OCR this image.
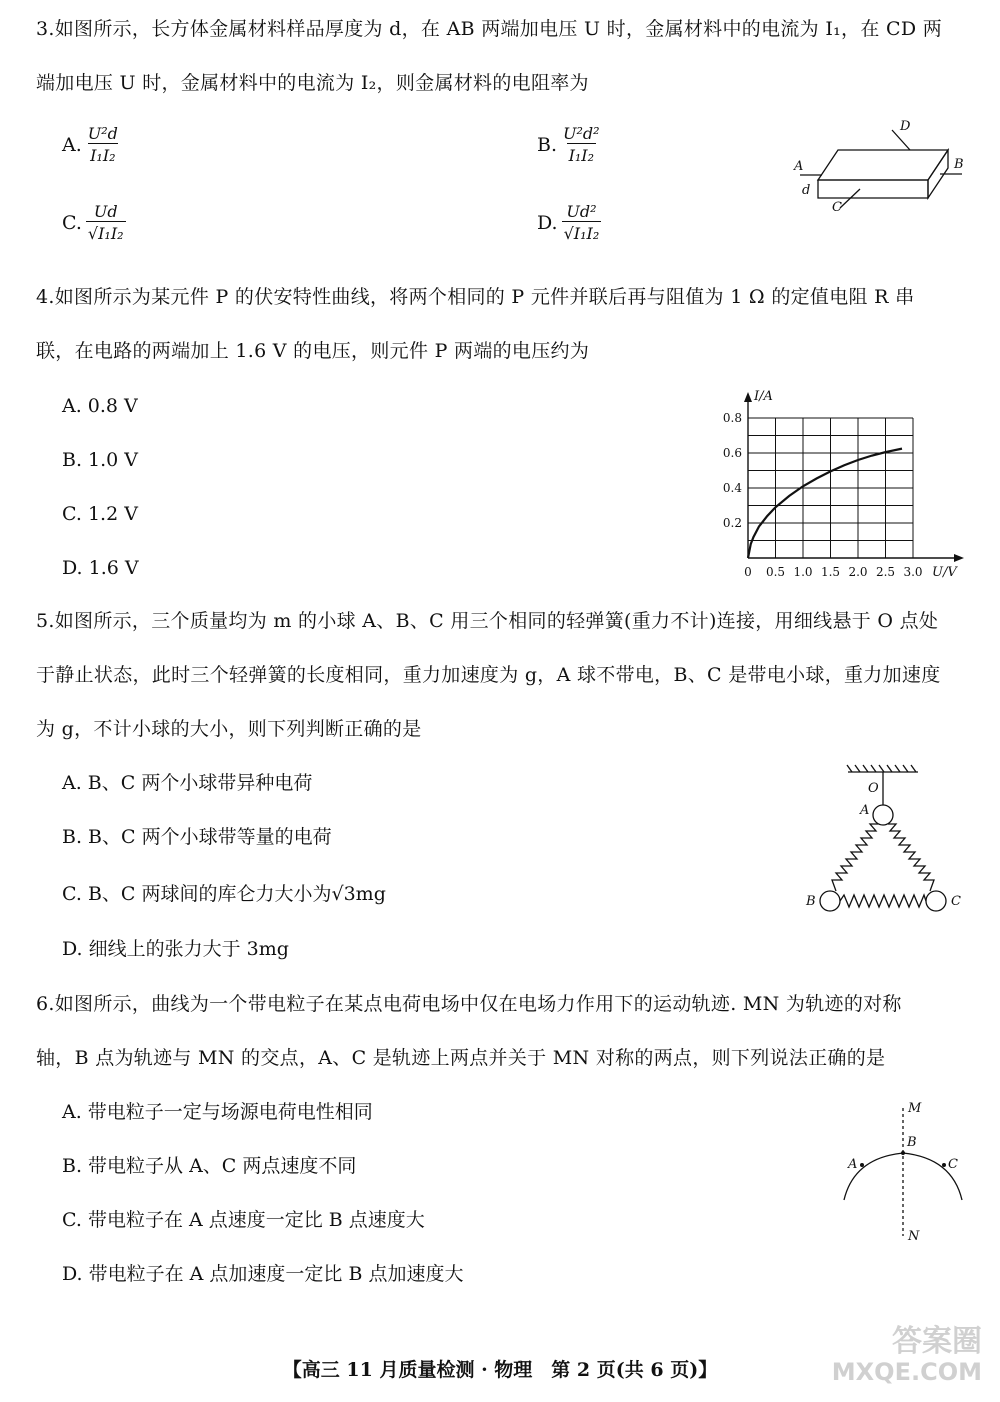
3.如图所示，长方体金属材料样品厚度为 d，在 AB 两端加电压 U 时，金属材料中的电流为 I₁，在 CD 两
端加电压 U 时，金属材料中的电流为 I₂，则金属材料的电阻率为
A. $\frac{\text{U²d}}{\text{I₁I₂}}$	B. $\frac{\text{U²d²}}{\text{I₁I₂}}$
C. $\frac{Ud}{\text{√I₁I₂}}$	D. $\frac{\text{Ud²}}{\text{√I₁I₂}}$
A	B
C
D
d
4.如图所示为某元件 P 的伏安特性曲线，将两个相同的 P 元件并联后再与阻值为 1 Ω 的定值电阻 R 串
联，在电路的两端加上 1.6 V 的电压，则元件 P 两端的电压约为
A. 0.8 V
B. 1.0 V
C. 1.2 V
D. 1.6 V	0 0.5 1.0 1.5 2.0 2.5 3.0
0.2
0.4
0.6
0.8
I/A
U/V
5.如图所示，三个质量均为 m 的小球 A、B、C 用三个相同的轻弹簧(重力不计)连接，用细线悬于 O 点处
于静止状态，此时三个轻弹簧的长度相同，重力加速度为 g，A 球不带电，B、C 是带电小球，重力加速度
为 g，不计小球的大小，则下列判断正确的是
A. B、C 两个小球带异种电荷
B. B、C 两个小球带等量的电荷
C. B、C 两球间的库仑力大小为√3mg
D. 细线上的张力大于 3mg
O
A
B	C
6.如图所示，曲线为一个带电粒子在某点电荷电场中仅在电场力作用下的运动轨迹. MN 为轨迹的对称
轴，B 点为轨迹与 MN 的交点，A、C 是轨迹上两点并关于 MN 对称的两点，则下列说法正确的是
A. 带电粒子一定与场源电荷电性相同
B. 带电粒子从 A、C 两点速度不同
C. 带电粒子在 A 点速度一定比 B 点速度大
D. 带电粒子在 A 点加速度一定比 B 点加速度大
M
N
A
B
C
【高三 11 月质量检测 · 物理　第 2 页(共 6 页)】
答案圈
MXQE.COM
